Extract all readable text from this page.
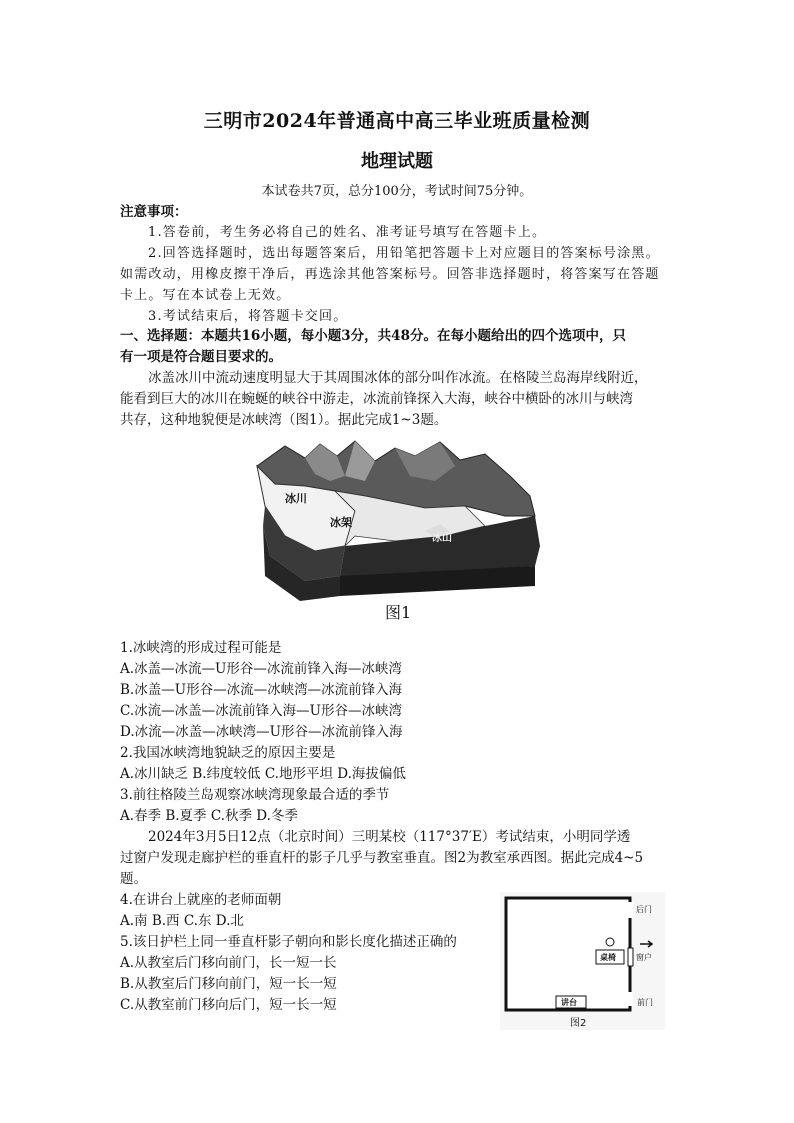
三明市2024年普通高中高三毕业班质量检测
地理试题
本试卷共7页，总分100分，考试时间75分钟。
注意事项：
1.答卷前，考生务必将自己的姓名、准考证号填写在答题卡上。
2.回答选择题时，选出每题答案后，用铅笔把答题卡上对应题目的答案标号涂黑。
如需改动，用橡皮擦干净后，再选涂其他答案标号。回答非选择题时，将答案写在答题
卡上。写在本试卷上无效。
3.考试结束后，将答题卡交回。
一、选择题：本题共16小题，每小题3分，共48分。在每小题给出的四个选项中，只
有一项是符合题目要求的。
冰盖冰川中流动速度明显大于其周围冰体的部分叫作冰流。在格陵兰岛海岸线附近，
能看到巨大的冰川在蜿蜒的峡谷中游走，冰流前锋探入大海，峡谷中横卧的冰川与峡湾
共存，这种地貌便是冰峡湾（图1）。据此完成1~3题。
冰川
冰架
冰山
图1
1.冰峡湾的形成过程可能是
A.冰盖—冰流—U形谷—冰流前锋入海—冰峡湾
B.冰盖—U形谷—冰流—冰峡湾—冰流前锋入海
C.冰流—冰盖—冰流前锋入海—U形谷—冰峡湾
D.冰流—冰盖—冰峡湾—U形谷—冰流前锋入海
2.我国冰峡湾地貌缺乏的原因主要是
A.冰川缺乏 B.纬度较低 C.地形平坦 D.海拔偏低
3.前往格陵兰岛观察冰峡湾现象最合适的季节
A.春季 B.夏季 C.秋季 D.冬季
2024年3月5日12点（北京时间）三明某校（117°37′E）考试结束，小明同学透
过窗户发现走廊护栏的垂直杆的影子几乎与教室垂直。图2为教室承西图。据此完成4~5
题。
4.在讲台上就座的老师面朝
A.南 B.西 C.东 D.北
5.该日护栏上同一垂直杆影子朝向和影长度化描述正确的
A.从教室后门移向前门，长一短一长
B.从教室后门移向前门，短一长一短
C.从教室前门移向后门，短一长一短
后门
前门
窗户
桌椅
讲台
图2
